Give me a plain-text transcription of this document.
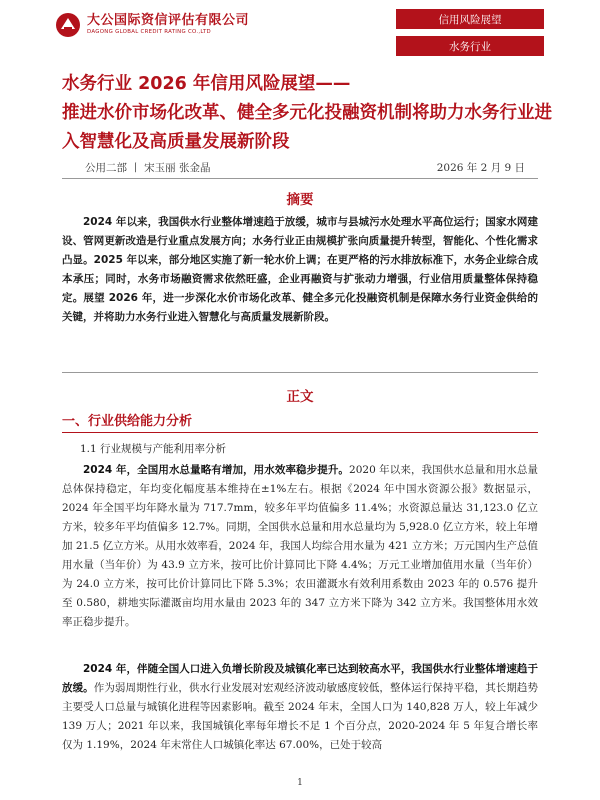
大公国际资信评估有限公司
DAGONG GLOBAL CREDIT RATING CO.,LTD
信用风险展望
水务行业
水务行业 2026 年信用风险展望——
推进水价市场化改革、健全多元化投融资机制将助力水务行业进入智慧化及高质量发展新阶段
公用二部 丨 宋玉丽 张金晶	2026 年 2 月 9 日
摘要
2024 年以来，我国供水行业整体增速趋于放缓，城市与县城污水处理水平高位运行；国家水网建设、管网更新改造是行业重点发展方向；水务行业正由规模扩张向质量提升转型，智能化、个性化需求凸显。2025 年以来，部分地区实施了新一轮水价上调；在更严格的污水排放标准下，水务企业综合成本承压；同时，水务市场融资需求依然旺盛，企业再融资与扩张动力增强，行业信用质量整体保持稳定。展望 2026 年，进一步深化水价市场化改革、健全多元化投融资机制是保障水务行业资金供给的关键，并将助力水务行业进入智慧化与高质量发展新阶段。
正文
一、行业供给能力分析
1.1 行业规模与产能利用率分析
2024 年，全国用水总量略有增加，用水效率稳步提升。2020 年以来，我国供水总量和用水总量总体保持稳定，年均变化幅度基本维持在±1%左右。根据《2024 年中国水资源公报》数据显示，2024 年全国平均年降水量为 717.7mm，较多年平均值偏多 11.4%；水资源总量达 31,123.0 亿立方米，较多年平均值偏多 12.7%。同期，全国供水总量和用水总量均为 5,928.0 亿立方米，较上年增加 21.5 亿立方米。从用水效率看，2024 年，我国人均综合用水量为 421 立方米；万元国内生产总值用水量（当年价）为 43.9 立方米，按可比价计算同比下降 4.4%；万元工业增加值用水量（当年价）为 24.0 立方米，按可比价计算同比下降 5.3%；农田灌溉水有效利用系数由 2023 年的 0.576 提升至 0.580，耕地实际灌溉亩均用水量由 2023 年的 347 立方米下降为 342 立方米。我国整体用水效率正稳步提升。
2024 年，伴随全国人口进入负增长阶段及城镇化率已达到较高水平，我国供水行业整体增速趋于放缓。作为弱周期性行业，供水行业发展对宏观经济波动敏感度较低，整体运行保持平稳，其长期趋势主要受人口总量与城镇化进程等因素影响。截至 2024 年末，全国人口为 140,828 万人，较上年减少 139 万人；2021 年以来，我国城镇化率每年增长不足 1 个百分点，2020-2024 年 5 年复合增长率仅为 1.19%，2024 年末常住人口城镇化率达 67.00%，已处于较高
1
